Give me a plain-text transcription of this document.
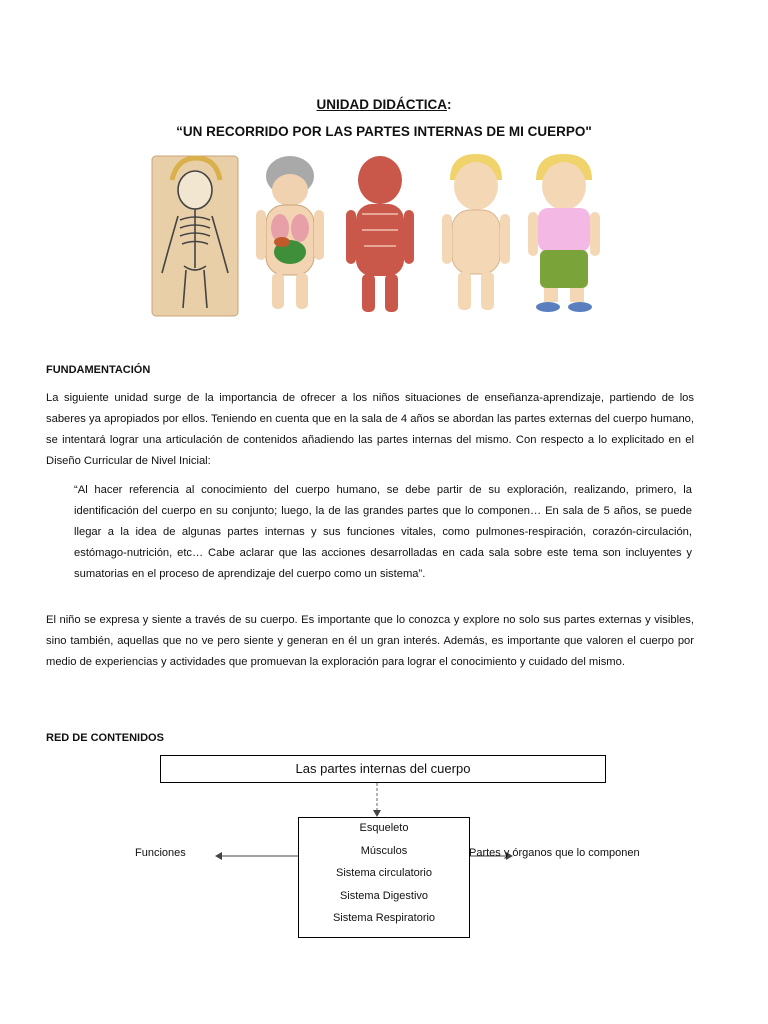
UNIDAD DIDÁCTICA:
“UN RECORRIDO POR LAS PARTES INTERNAS DE MI CUERPO"
FUNDAMENTACIÓN
La siguiente unidad surge de la importancia de ofrecer a los niños situaciones de enseñanza-aprendizaje, partiendo de los saberes ya apropiados por ellos. Teniendo en cuenta que en la sala de 4 años se abordan las partes externas del cuerpo humano, se intentará lograr una articulación de contenidos añadiendo las partes internas del mismo. Con respecto a lo explicitado en el Diseño Curricular de Nivel Inicial:
“Al hacer referencia al conocimiento del cuerpo humano, se debe partir de su exploración, realizando, primero, la identificación del cuerpo en su conjunto; luego, la de las grandes partes que lo componen… En sala de 5 años, se puede llegar a la idea de algunas partes internas y sus funciones vitales, como pulmones-respiración, corazón-circulación, estómago-nutrición, etc… Cabe aclarar que las acciones desarrolladas en cada sala sobre este tema son incluyentes y sumatorias en el proceso de aprendizaje del cuerpo como un sistema”.
El niño se expresa y siente a través de su cuerpo. Es importante que lo conozca y explore no solo sus partes externas y visibles, sino también, aquellas que no ve pero siente y generan en él un gran interés. Además, es importante que valoren el cuerpo por medio de experiencias y actividades que promuevan la exploración para lograr el conocimiento y cuidado del mismo.
RED DE CONTENIDOS
Las partes internas del cuerpo
Esqueleto
Músculos
Sistema circulatorio
Sistema Digestivo
Sistema Respiratorio
Funciones	Partes y órganos que lo componen
